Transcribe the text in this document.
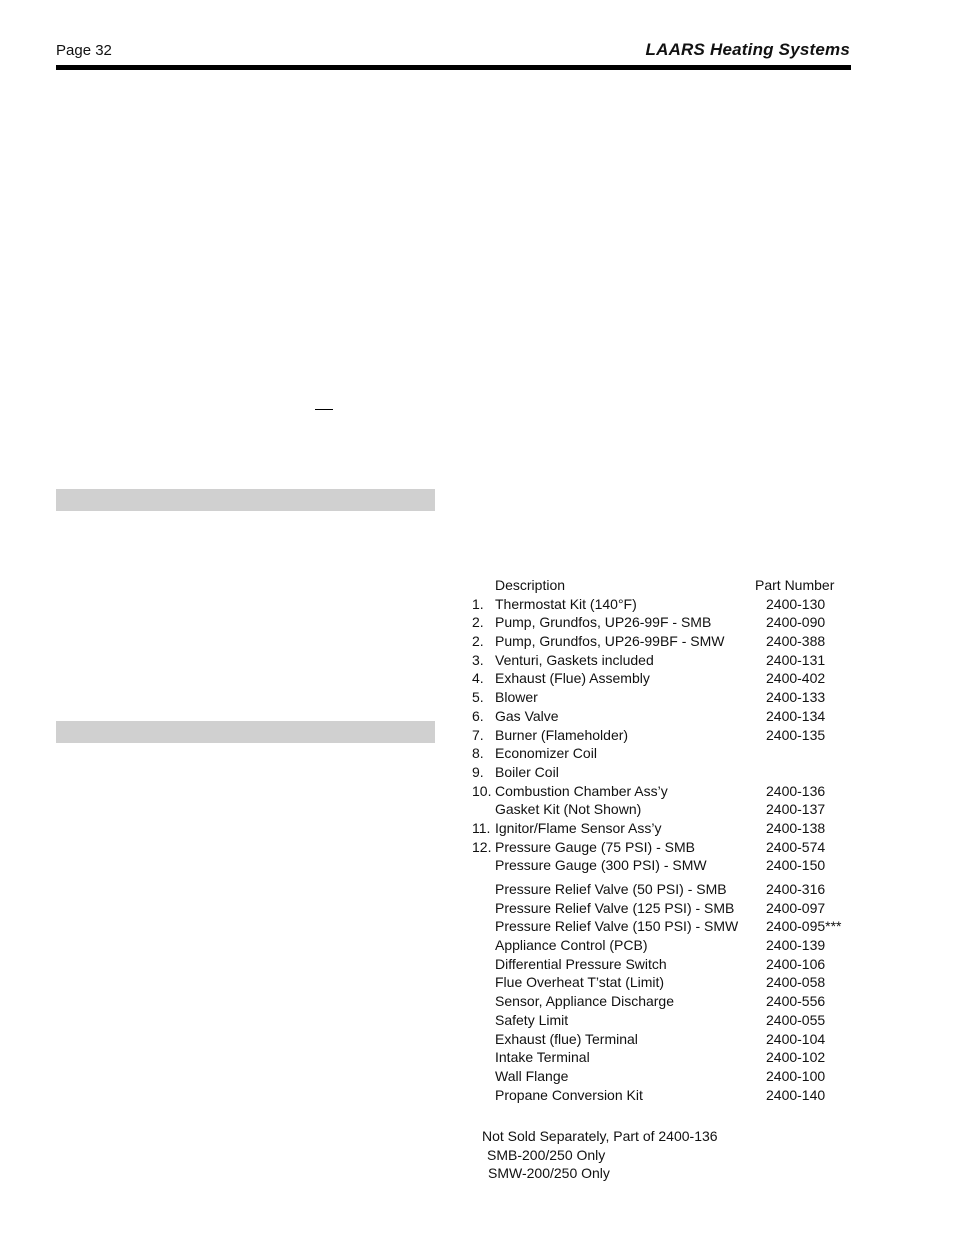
Page 32	LAARS Heating Systems
Description	Part Number
1. Thermostat Kit (140°F)	2400-130
2. Pump, Grundfos, UP26-99F - SMB	2400-090
2. Pump, Grundfos, UP26-99BF - SMW	2400-388
3. Venturi, Gaskets included	2400-131
4. Exhaust (Flue) Assembly	2400-402
5. Blower	2400-133
6. Gas Valve	2400-134
7. Burner (Flameholder)	2400-135
8. Economizer Coil
9. Boiler Coil
10. Combustion Chamber Ass’y	2400-136
Gasket Kit (Not Shown)	2400-137
11. Ignitor/Flame Sensor Ass’y	2400-138
12. Pressure Gauge (75 PSI) - SMB	2400-574
Pressure Gauge (300 PSI) - SMW	2400-150
Pressure Relief Valve (50 PSI) - SMB	2400-316
Pressure Relief Valve (125 PSI) - SMB 2400-097
Pressure Relief Valve (150 PSI) - SMW 2400-095***
Appliance Control (PCB)	2400-139
Differential Pressure Switch	2400-106
Flue Overheat T’stat (Limit)	2400-058
Sensor, Appliance Discharge	2400-556
Safety Limit	2400-055
Exhaust (flue) Terminal	2400-104
Intake Terminal	2400-102
Wall Flange	2400-100
Propane Conversion Kit	2400-140
Not Sold Separately, Part of 2400-136
SMB-200/250 Only
SMW-200/250 Only
